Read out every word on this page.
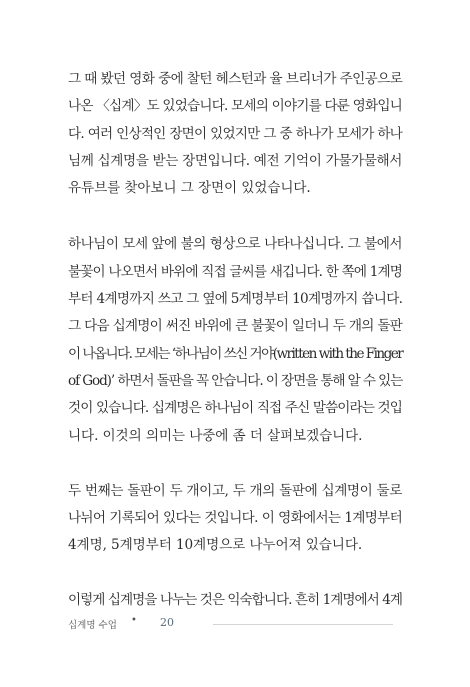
그 때 봤던 영화 중에 찰턴 헤스턴과 율 브리너가 주인공으로
나온 〈십계〉도 있었습니다. 모세의 이야기를 다룬 영화입니
다. 여러 인상적인 장면이 있었지만 그 중 하나가 모세가 하나
님께 십계명을 받는 장면입니다. 예전 기억이 가물가물해서
유튜브를 찾아보니 그 장면이 있었습니다.
하나님이 모세 앞에 불의 형상으로 나타나십니다. 그 불에서
불꽃이 나오면서 바위에 직접 글씨를 새깁니다. 한 쪽에 1계명
부터 4계명까지 쓰고 그 옆에 5계명부터 10계명까지 씁니다.
그 다음 십계명이 써진 바위에 큰 불꽃이 일더니 두 개의 돌판
이 나옵니다. 모세는 ‘하나님이 쓰신 거야(written with the Finger
of God)’ 하면서 돌판을 꼭 안습니다. 이 장면을 통해 알 수 있는
것이 있습니다. 십계명은 하나님이 직접 주신 말씀이라는 것입
니다. 이것의 의미는 나중에 좀 더 살펴보겠습니다.
두 번째는 돌판이 두 개이고, 두 개의 돌판에 십계명이 둘로
나뉘어 기록되어 있다는 것입니다. 이 영화에서는 1계명부터
4계명, 5계명부터 10계명으로 나누어져 있습니다.
이렇게 십계명을 나누는 것은 익숙합니다. 흔히 1계명에서 4계
십계명 수업 • 20
